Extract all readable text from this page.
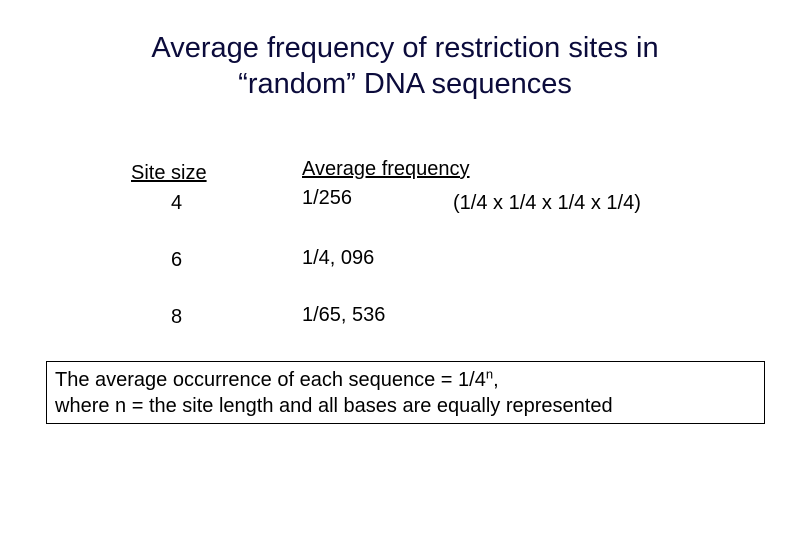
Average frequency of restriction sites in
“random” DNA sequences
Site size	Average frequency
4	1/256	(1/4 x 1/4 x 1/4 x 1/4)
6	1/4, 096
8	1/65, 536
The average occurrence of each sequence = $1/4^n$,
where n = the site length and all bases are equally represented
